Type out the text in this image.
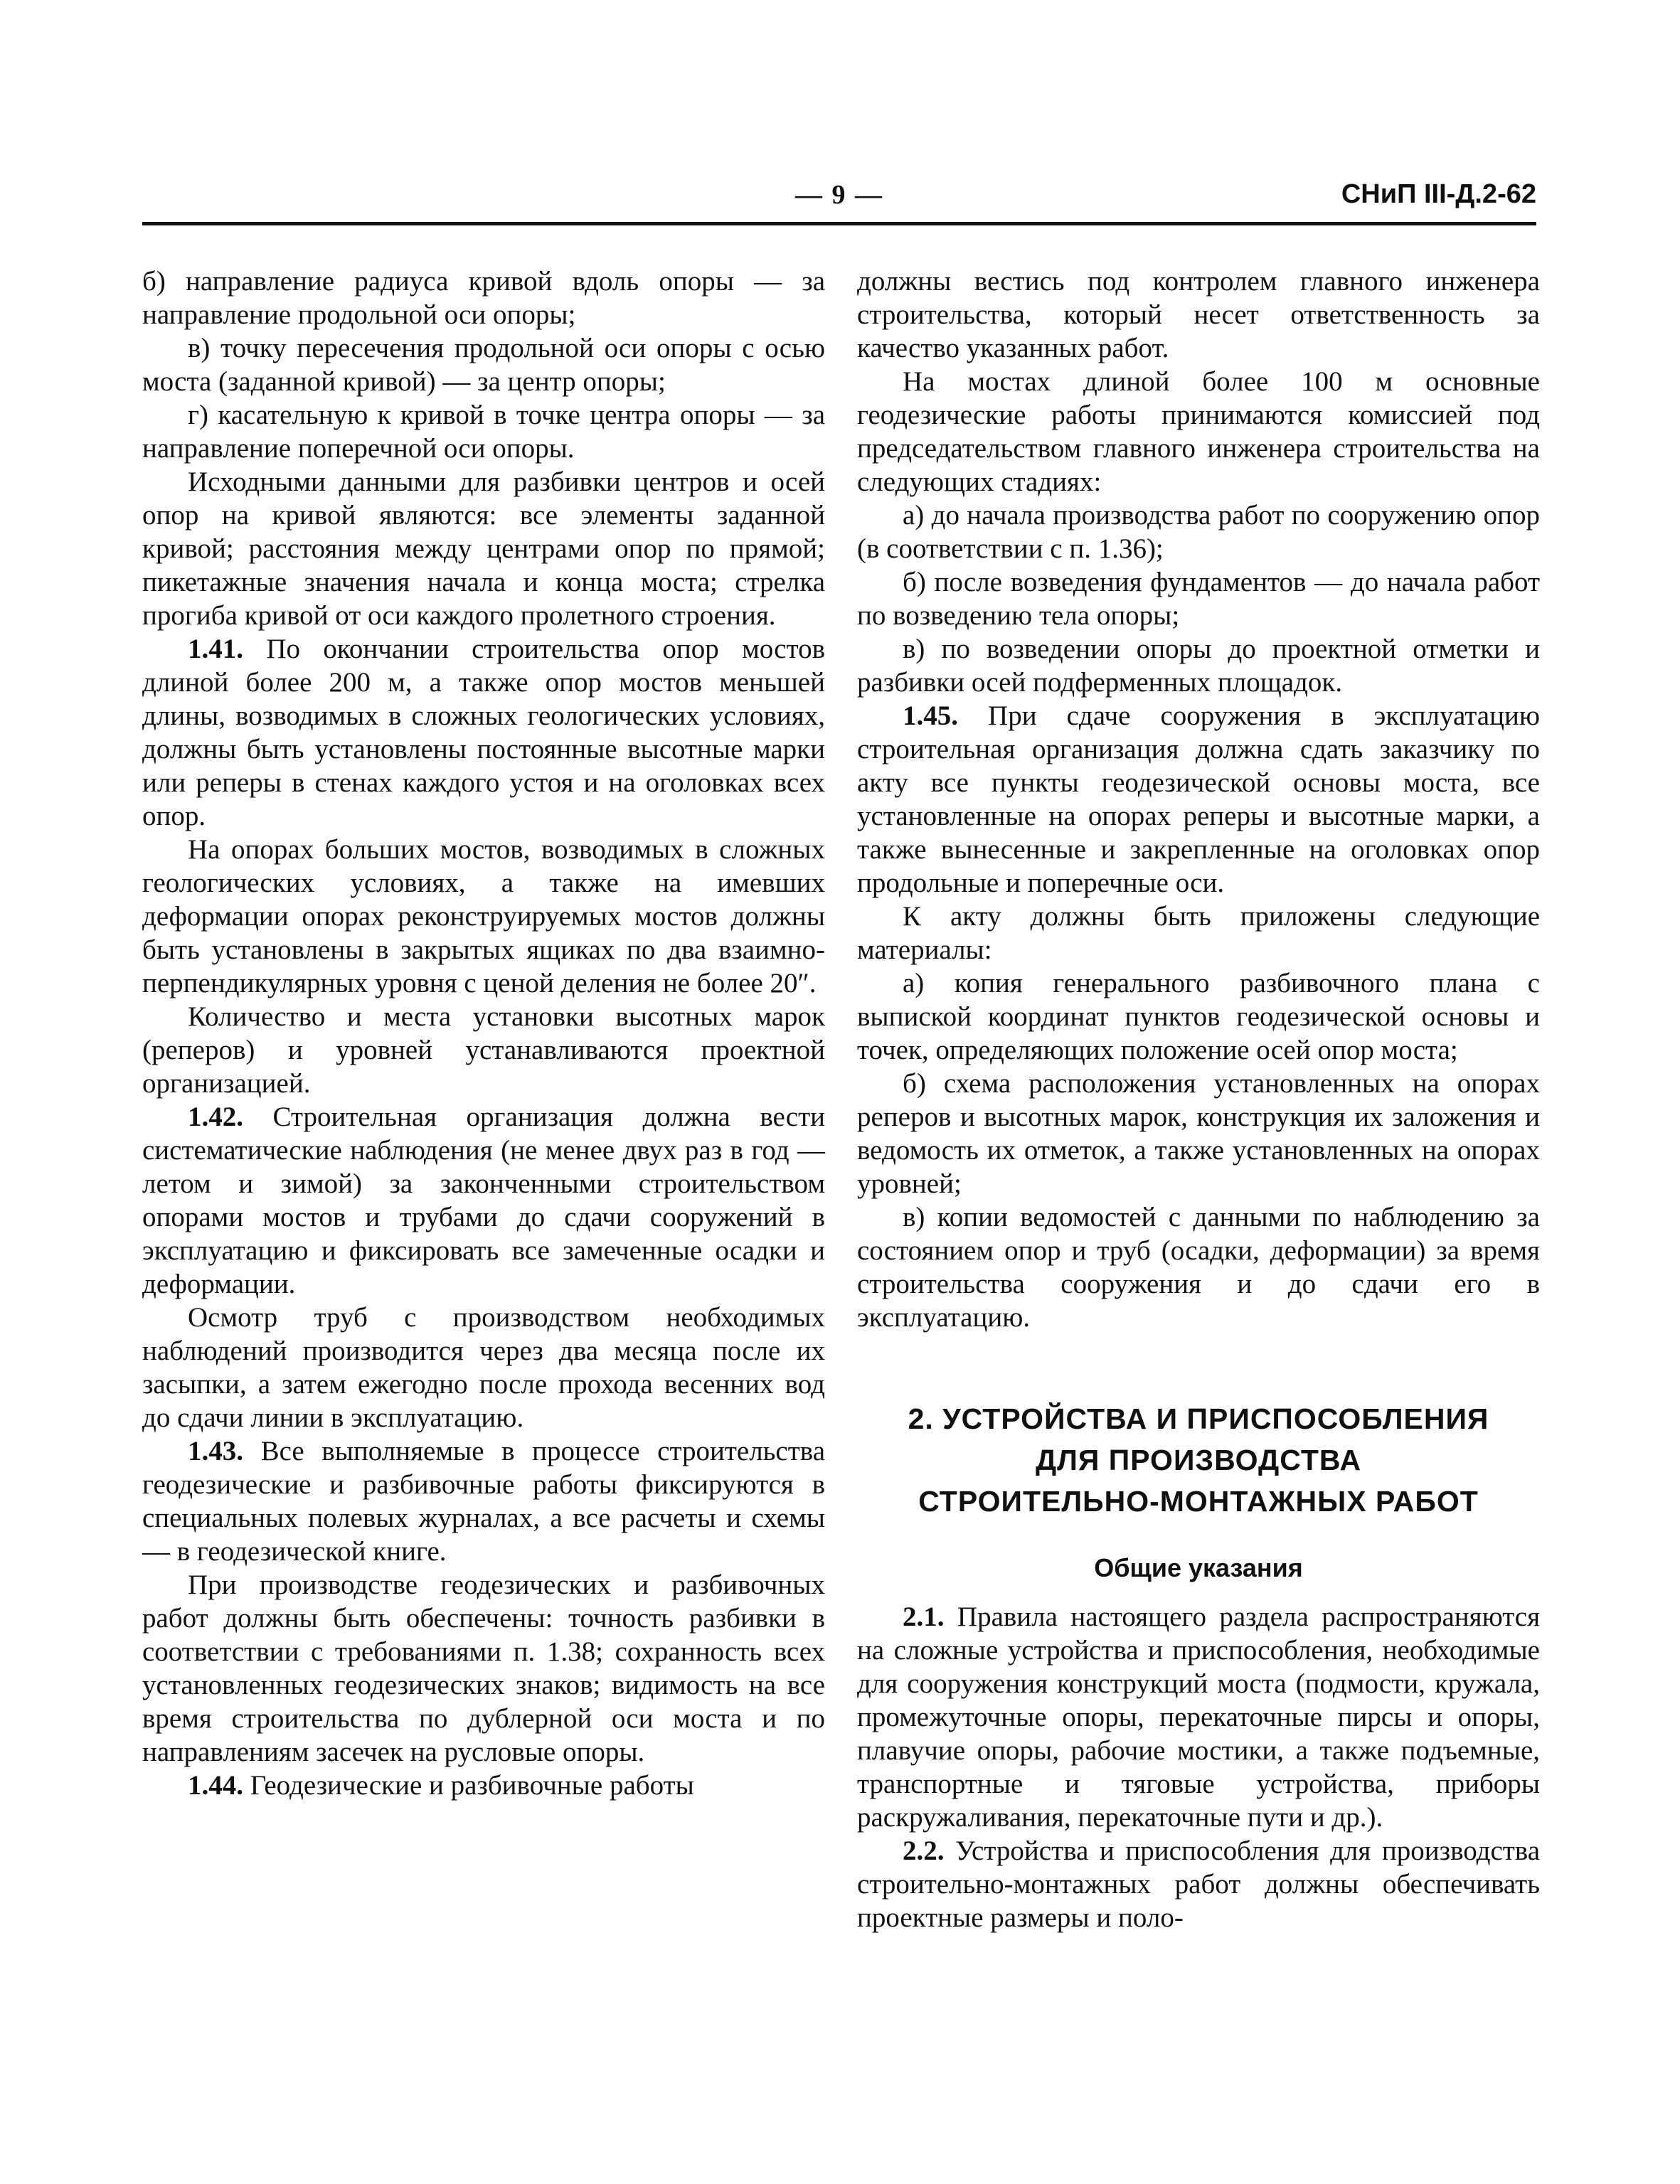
— 9 —	СНиП III-Д.2-62

б) направление радиуса кривой вдоль опоры — за направление продольной оси опоры;

в) точку пересечения продольной оси опоры с осью моста (заданной кривой) — за центр опоры;

г) касательную к кривой в точке центра опоры — за направление поперечной оси опоры.

Исходными данными для разбивки центров и осей опор на кривой являются: все элементы заданной кривой; расстояния между центрами опор по прямой; пикетажные значения начала и конца моста; стрелка прогиба кривой от оси каждого пролетного строения.

1.41. По окончании строительства опор мостов длиной более 200 м, а также опор мостов меньшей длины, возводимых в сложных геологических условиях, должны быть установлены постоянные высотные марки или реперы в стенах каждого устоя и на оголовках всех опор.

На опорах больших мостов, возводимых в сложных геологических условиях, а также на имевших деформации опорах реконструируемых мостов должны быть установлены в закрытых ящиках по два взаимно-перпендикулярных уровня с ценой деления не более 20″.

Количество и места установки высотных марок (реперов) и уровней устанавливаются проектной организацией.

1.42. Строительная организация должна вести систематические наблюдения (не менее двух раз в год — летом и зимой) за законченными строительством опорами мостов и трубами до сдачи сооружений в эксплуатацию и фиксировать все замеченные осадки и деформации.

Осмотр труб с производством необходимых наблюдений производится через два месяца после их засыпки, а затем ежегодно после прохода весенних вод до сдачи линии в эксплуатацию.

1.43. Все выполняемые в процессе строительства геодезические и разбивочные работы фиксируются в специальных полевых журналах, а все расчеты и схемы — в геодезической книге.

При производстве геодезических и разбивочных работ должны быть обеспечены: точность разбивки в соответствии с требованиями п. 1.38; сохранность всех установленных геодезических знаков; видимость на все время строительства по дублерной оси моста и по направлениям засечек на русловые опоры.

1.44. Геодезические и разбивочные работы

должны вестись под контролем главного инженера строительства, который несет ответственность за качество указанных работ.

На мостах длиной более 100 м основные геодезические работы принимаются комиссией под председательством главного инженера строительства на следующих стадиях:

а) до начала производства работ по сооружению опор (в соответствии с п. 1.36);

б) после возведения фундаментов — до начала работ по возведению тела опоры;

в) по возведении опоры до проектной отметки и разбивки осей подферменных площадок.

1.45. При сдаче сооружения в эксплуатацию строительная организация должна сдать заказчику по акту все пункты геодезической основы моста, все установленные на опорах реперы и высотные марки, а также вынесенные и закрепленные на оголовках опор продольные и поперечные оси.

К акту должны быть приложены следующие материалы:

а) копия генерального разбивочного плана с выпиской координат пунктов геодезической основы и точек, определяющих положение осей опор моста;

б) схема расположения установленных на опорах реперов и высотных марок, конструкция их заложения и ведомость их отметок, а также установленных на опорах уровней;

в) копии ведомостей с данными по наблюдению за состоянием опор и труб (осадки, деформации) за время строительства сооружения и до сдачи его в эксплуатацию.

2. УСТРОЙСТВА И ПРИСПОСОБЛЕНИЯ
ДЛЯ ПРОИЗВОДСТВА
СТРОИТЕЛЬНО-МОНТАЖНЫХ РАБОТ
Общие указания

2.1. Правила настоящего раздела распространяются на сложные устройства и приспособления, необходимые для сооружения конструкций моста (подмости, кружала, промежуточные опоры, перекаточные пирсы и опоры, плавучие опоры, рабочие мостики, а также подъемные, транспортные и тяговые устройства, приборы раскружаливания, перекаточные пути и др.).

2.2. Устройства и приспособления для производства строительно-монтажных работ должны обеспечивать проектные размеры и поло-
